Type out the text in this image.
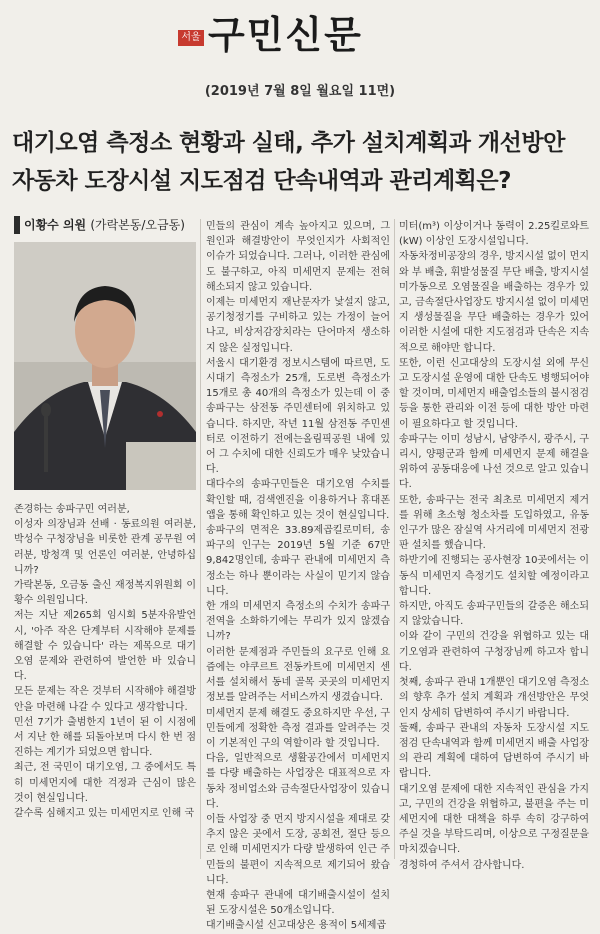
서울 구민신문
(2019년 7월 8일 월요일 11면)
대기오염 측정소 현황과 실태, 추가 설치계획과 개선방안
자동차 도장시설 지도점검 단속내역과 관리계획은?
이황수 의원 (가락본동/오금동)

존경하는 송파구민 여러분,

이성자 의장님과 선배 · 동료의원 여러분, 박성수 구청장님을 비롯한 관계 공무원 여러분, 방청객 및 언론인 여러분, 안녕하십니까?

가락본동, 오금동 출신 재정복지위원회 이황수 의원입니다.

저는 지난 제265회 임시회 5분자유발언시, '아주 작은 단계부터 시작해야 문제를 해결할 수 있습니다' 라는 제목으로 대기오염 문제와 관련하여 발언한 바 있습니다.

모든 문제는 작은 것부터 시작해야 해결방안을 마련해 나갈 수 있다고 생각합니다.

민선 7기가 출범한지 1년이 된 이 시점에서 지난 한 해를 되돌아보며 다시 한 번 점진하는 계기가 되었으면 합니다.

최근, 전 국민이 대기오염, 그 중에서도 특히 미세먼지에 대한 걱정과 근심이 많은 것이 현실입니다.

갈수록 심해지고 있는 미세먼지로 인해 국

민들의 관심이 계속 높아지고 있으며, 그 원인과 해결방안이 무엇인지가 사회적인 이슈가 되었습니다. 그러나, 이러한 관심에도 불구하고, 아직 미세먼지 문제는 전혀 해소되지 않고 있습니다.

이제는 미세먼지 재난문자가 낯설지 않고, 공기청정기를 구비하고 있는 가정이 늘어나고, 비상저감장치라는 단어마저 생소하지 않은 실정입니다.

서울시 대기환경 정보시스템에 따르면, 도시대기 측정소가 25개, 도로변 측정소가 15개로 총 40개의 측정소가 있는데 이 중 송파구는 삼전동 주민센터에 위치하고 있습니다. 하지만, 작년 11월 삼전동 주민센터로 이전하기 전에는올림픽공원 내에 있어 그 수치에 대한 신뢰도가 매우 낮았습니다.

대다수의 송파구민들은 대기오염 수치를 확인할 때, 검색엔진을 이용하거나 휴대폰 앱을 통해 확인하고 있는 것이 현실입니다.

송파구의 면적은 33.89제곱킬로미터, 송파구의 인구는 2019년 5월 기준 67만 9,842명인데, 송파구 관내에 미세먼지 측정소는 하나 뿐이라는 사실이 믿기지 않습니다.

한 개의 미세먼지 측정소의 수치가 송파구 전역을 소화하기에는 무리가 있지 않겠습니까?

이러한 문제점과 주민들의 요구로 인해 요즘에는 야쿠르트 전동카트에 미세먼지 센서를 설치해서 동네 골목 곳곳의 미세먼지 정보를 알려주는 서비스까지 생겼습니다.

미세먼지 문제 해결도 중요하지만 우선, 구민들에게 정확한 측정 결과를 알려주는 것이 기본적인 구의 역할이라 할 것입니다.

다음, 일반적으로 생활공간에서 미세먼지를 다량 배출하는 사업장은 대표적으로 자동차 정비업소와 금속절단사업장이 있습니다.

이들 사업장 중 먼지 방지시설을 제대로 갖추지 않은 곳에서 도장, 공회전, 절단 등으로 인해 미세먼지가 다량 발생하여 인근 주민들의 불편이 지속적으로 제기되어 왔습니다.

현재 송파구 관내에 대기배출시설이 설치된 도장시설은 50개소입니다.

대기배출시설 신고대상은 용적이 5세제곱

미터(m³) 이상이거나 동력이 2.25킬로와트(kW) 이상인 도장시설입니다.

자동차정비공장의 경우, 방지시설 없이 먼지와 부 배출, 휘발성물질 무단 배출, 방지시설 미가동으로 오염물질을 배출하는 경우가 있고, 금속절단사업장도 방지시설 없이 미세먼지 생성물질을 무단 배출하는 경우가 있어 이러한 시설에 대한 지도점검과 단속은 지속적으로 해야만 합니다.

또한, 이런 신고대상의 도장시설 외에 무신고 도장시설 운영에 대한 단속도 병행되어야 할 것이며, 미세먼지 배출업소들의 불시점검 등을 통한 관리와 이전 등에 대한 방안 마련이 필요하다고 할 것입니다.

송파구는 이미 성남시, 남양주시, 광주시, 구리시, 양평군과 함께 미세먼지 문제 해결을 위하여 공동대응에 나선 것으로 알고 있습니다.

또한, 송파구는 전국 최초로 미세먼지 제거를 위해 초소형 청소차를 도입하였고, 유동인구가 많은 잠실역 사거리에 미세먼지 전광판 설치를 했습니다.

하반기에 진행되는 공사현장 10곳에서는 이동식 미세먼지 측정기도 설치할 예정이라고 합니다.

하지만, 아직도 송파구민들의 갈증은 해소되지 않았습니다.

이와 같이 구민의 건강을 위협하고 있는 대기오염과 관련하여 구청장님께 하고자 합니다.

첫째, 송파구 관내 1개뿐인 대기오염 측정소의 향후 추가 설치 계획과 개선방안은 무엇인지 상세히 답변하여 주시기 바랍니다.

둘째, 송파구 관내의 자동차 도장시설 지도점검 단속내역과 함께 미세먼지 배출 사업장의 관리 계획에 대하여 답변하여 주시기 바랍니다.

대기오염 문제에 대한 지속적인 관심을 가지고, 구민의 건강을 위협하고, 불편을 주는 미세먼지에 대한 대책을 하루 속히 강구하여 주실 것을 부탁드리며, 이상으로 구정질문을 마치겠습니다.

경청하여 주셔서 감사합니다.
